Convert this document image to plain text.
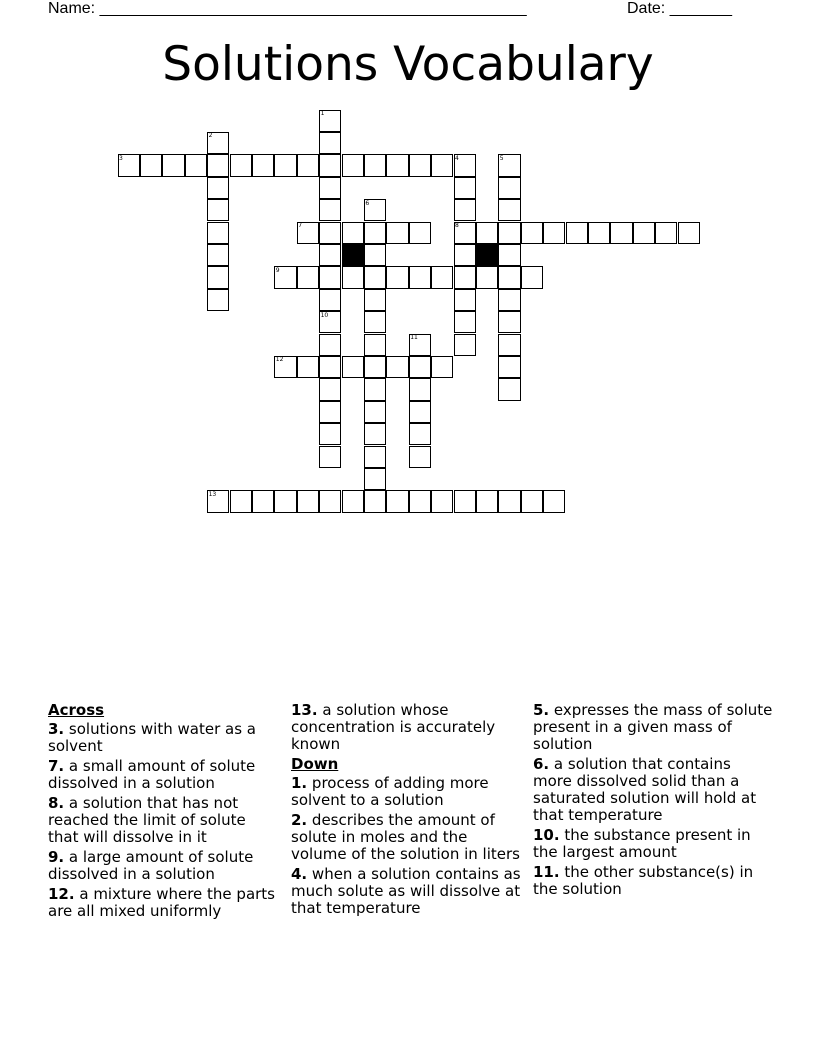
Name: ________________________________________________	Date: _______
Solutions Vocabulary
1
2
3	4	5
6
7	8
9
10
11
12
13
Across
3. solutions with water as a solvent
7. a small amount of solute dissolved in a solution
8. a solution that has not reached the limit of solute that will dissolve in it
9. a large amount of solute dissolved in a solution
12. a mixture where the parts are all mixed uniformly
13. a solution whose concentration is accurately known
Down
1. process of adding more solvent to a solution
2. describes the amount of solute in moles and the volume of the solution in liters
4. when a solution contains as much solute as will dissolve at that temperature
5. expresses the mass of solute present in a given mass of solution
6. a solution that contains more dissolved solid than a saturated solution will hold at that temperature
10. the substance present in the largest amount
11. the other substance(s) in the solution
